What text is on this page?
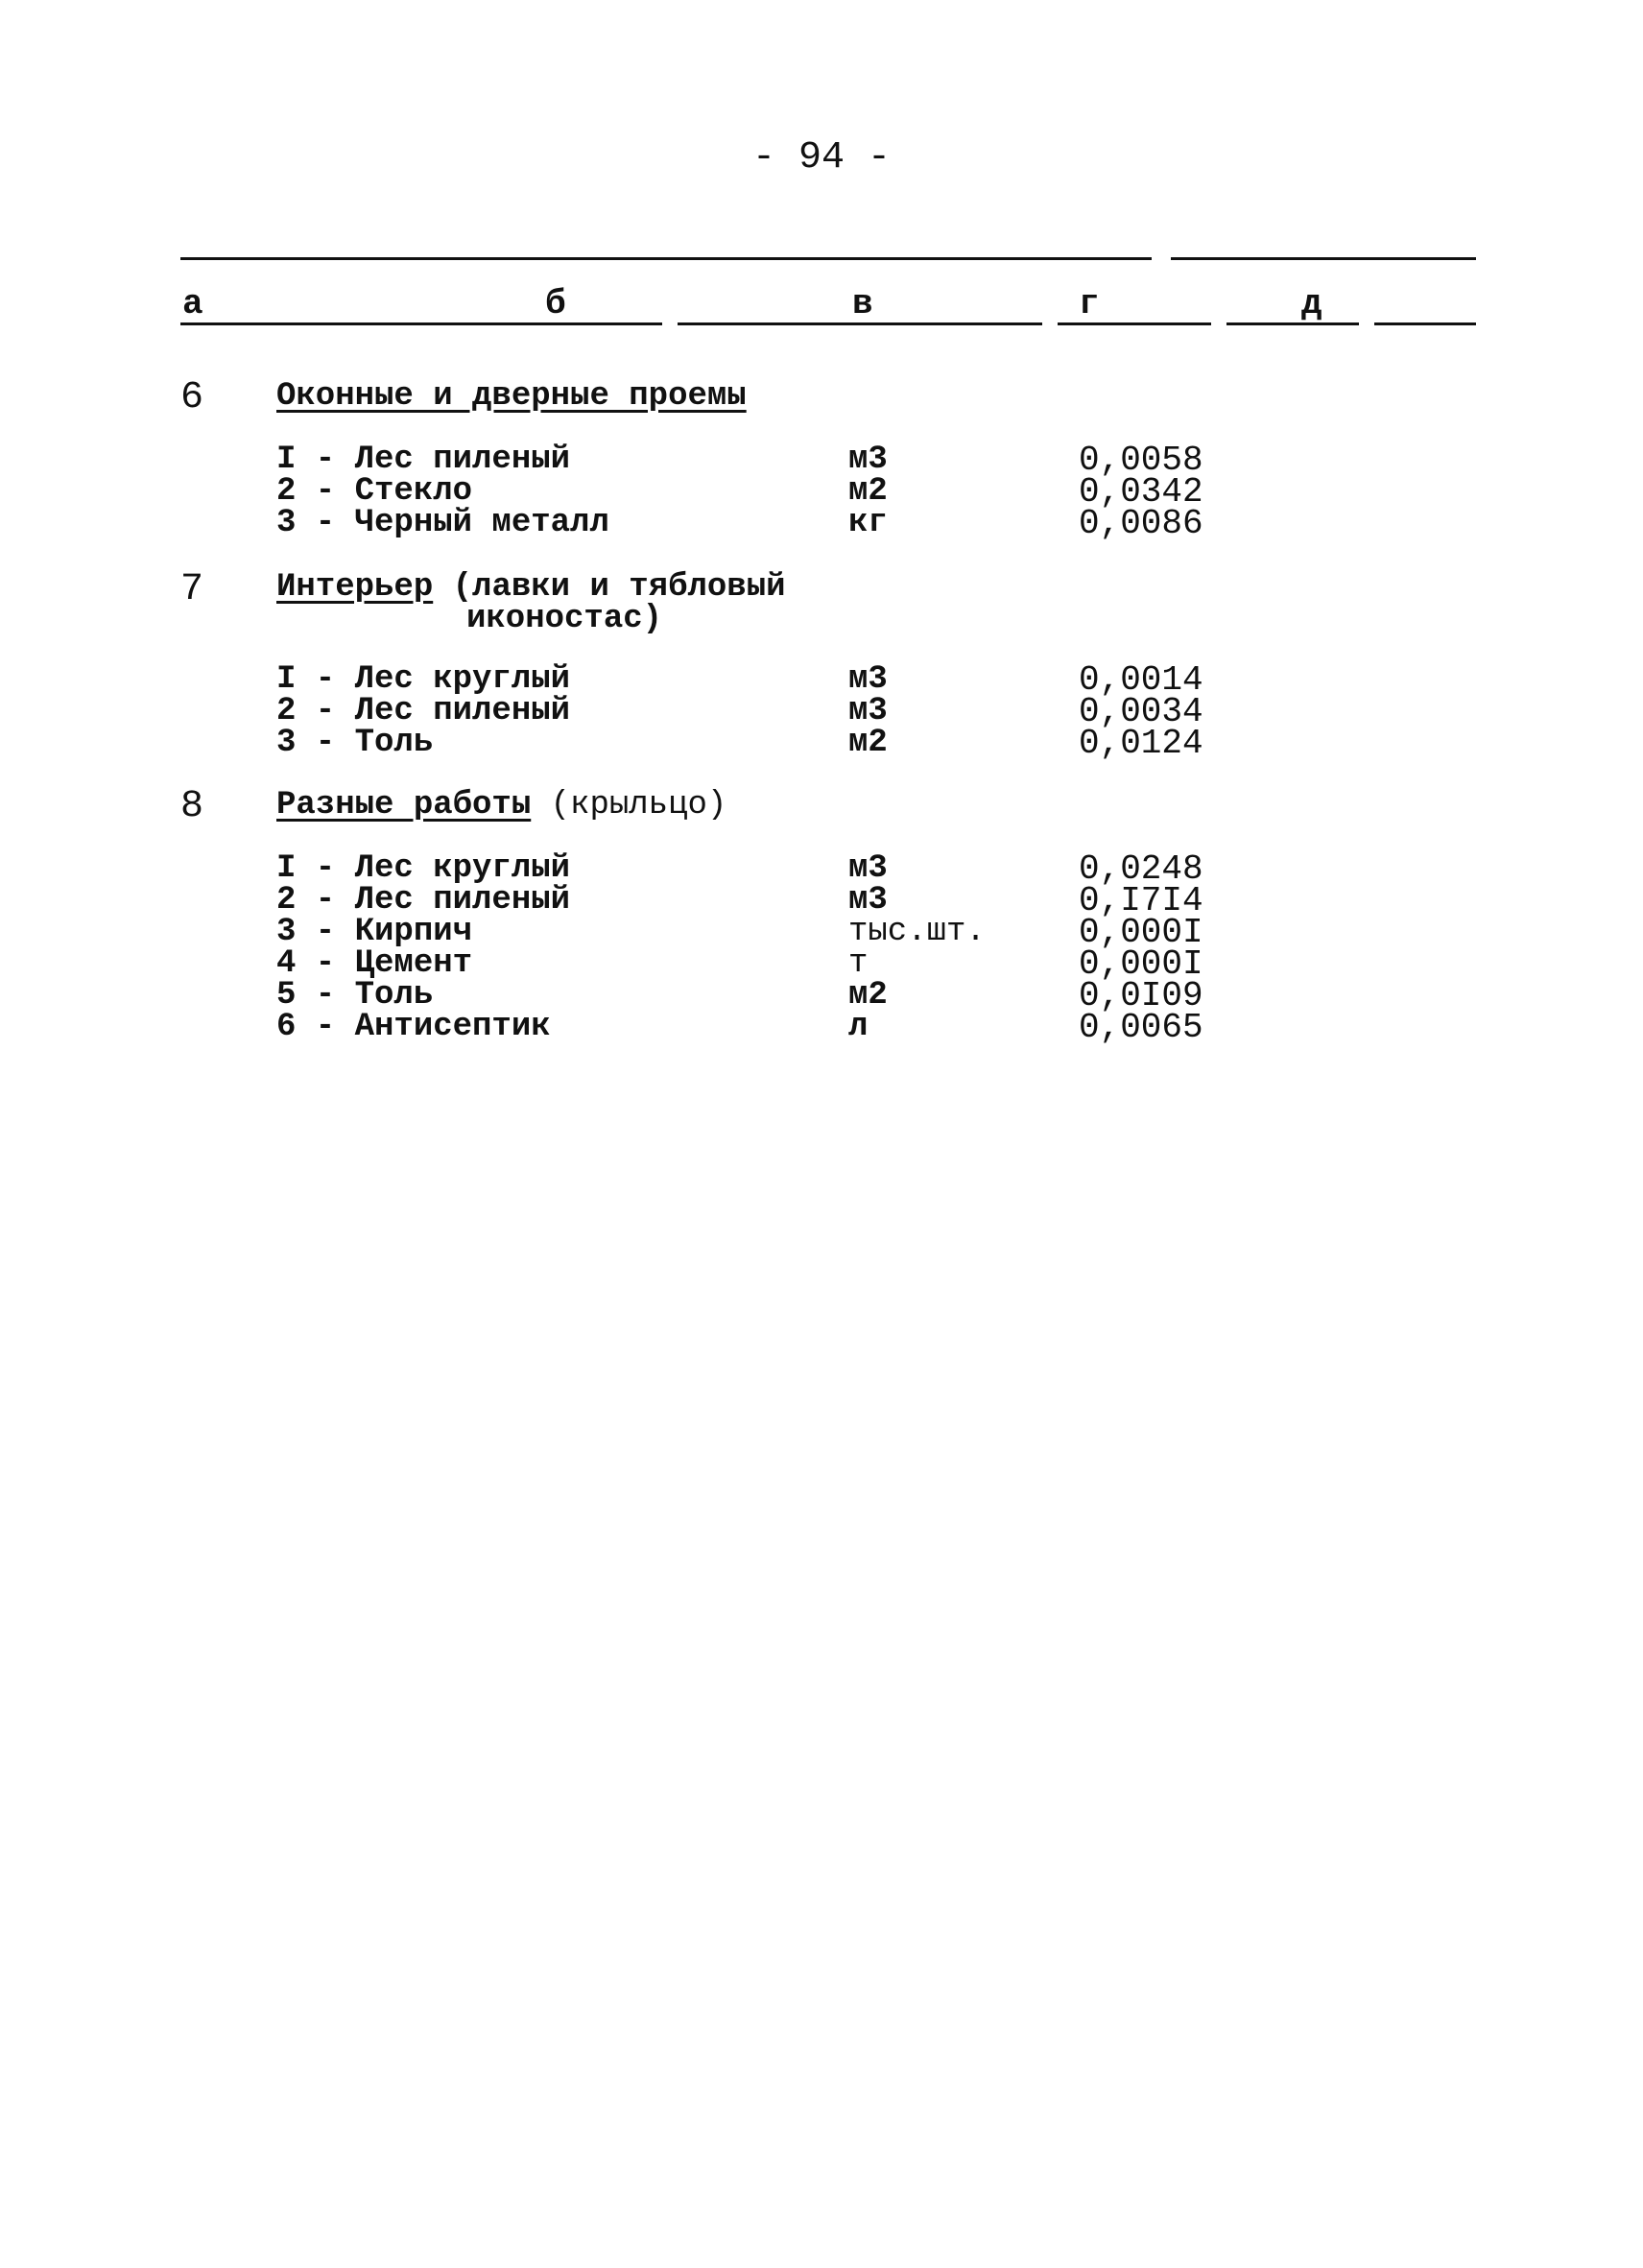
- 94 -
а	б	в	г	д
6 Оконные и дверные проемы
I - Лес пиленый	м3	0,0058
2 - Стекло	м2	0,0342
3 - Черный металл	кг	0,0086
7 Интерьер (лавки и тябловый
иконостас)
I - Лес круглый	м3	0,0014
2 - Лес пиленый	м3	0,0034
3 - Толь	м2	0,0124
8 Разные работы (крыльцо)
I - Лес круглый	м3	0,0248
2 - Лес пиленый	м3	0,I7I4
3 - Кирпич	тыс.шт.	0,000I
4 - Цемент	т	0,000I
5 - Толь	м2	0,0I09
6 - Антисептик	л	0,0065
